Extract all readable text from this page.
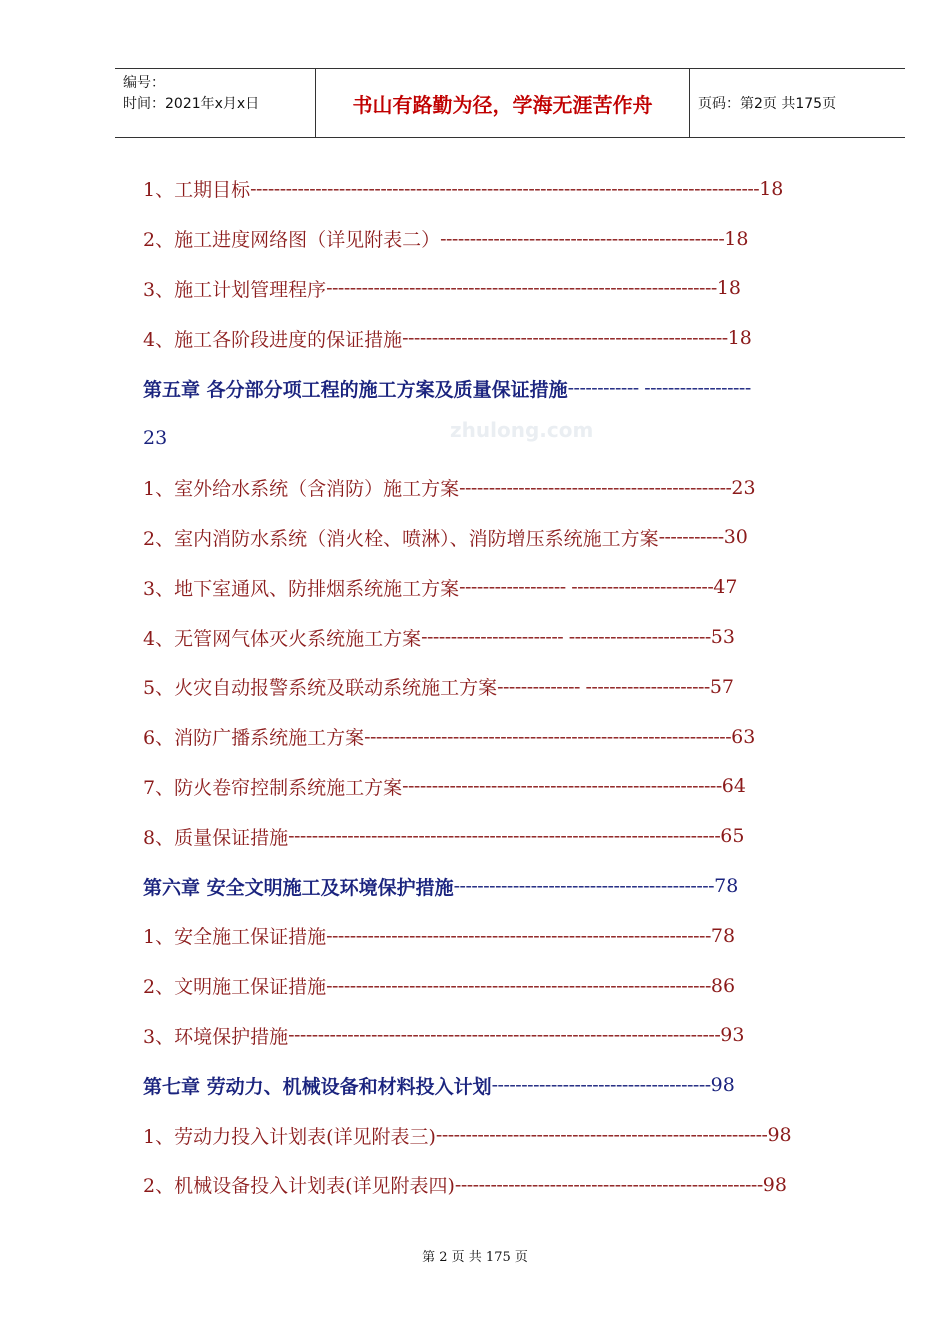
编号：
时间：2021年x月x日	书山有路勤为径，学海无涯苦作舟	页码：第2页 共175页
zhulong.com
1、工期目标 -------------------------------------------------------------------------------------- 18
2、施工进度网络图（详见附表二） ------------------------------------------------ 18
3、施工计划管理程序 ------------------------------------------------------------------ 18
4、施工各阶段进度的保证措施 ------------------------------------------------------- 18
第五章 各分部分项工程的施工方案及质量保证措施 ------------ ------------------
23
1、室外给水系统（含消防）施工方案 ---------------------------------------------- 23
2、室内消防水系统（消火栓、喷淋）、消防增压系统施工方案 ----------- 30
3、地下室通风、防排烟系统施工方案 ------------------ ------------------------ 47
4、无管网气体灭火系统施工方案 ------------------------ ------------------------ 53
5、火灾自动报警系统及联动系统施工方案 -------------- --------------------- 57
6、消防广播系统施工方案 -------------------------------------------------------------- 63
7、防火卷帘控制系统施工方案 ------------------------------------------------------ 64
8、质量保证措施 ------------------------------------------------------------------------- 65
第六章 安全文明施工及环境保护措施 -------------------------------------------- 78
1、安全施工保证措施 ----------------------------------------------------------------- 78
2、文明施工保证措施 ----------------------------------------------------------------- 86
3、环境保护措施 ------------------------------------------------------------------------- 93
第七章 劳动力、机械设备和材料投入计划 ------------------------------------- 98
1、劳动力投入计划表(详见附表三) -------------------------------------------------------- 98
2、机械设备投入计划表(详见附表四) ---------------------------------------------------- 98
第 2 页 共 175 页
